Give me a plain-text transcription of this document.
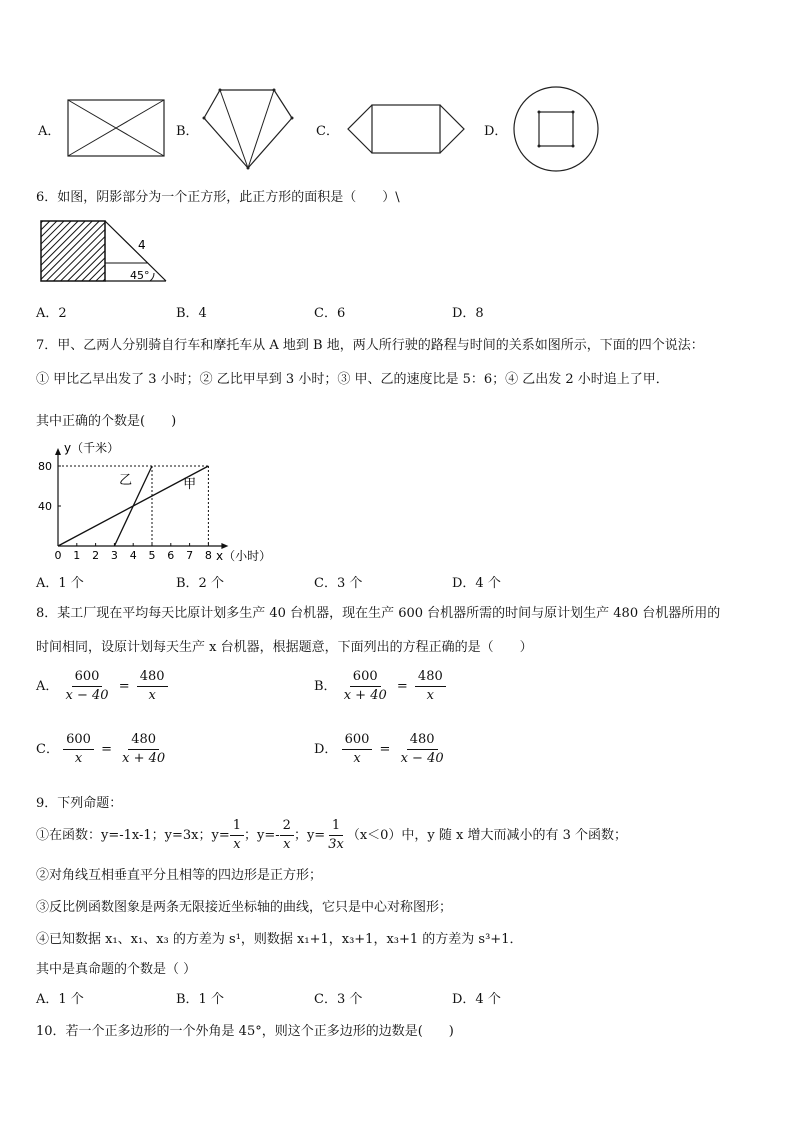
A．	B．	C．	D．
6．如图，阴影部分为一个正方形，此正方形的面积是（　　）\
4
45°
A．2	B．4	C．6	D．8
7．甲、乙两人分别骑自行车和摩托车从 A 地到 B 地，两人所行驶的路程与时间的关系如图所示，下面的四个说法：
① 甲比乙早出发了 3 小时；② 乙比甲早到 3 小时；③ 甲、乙的速度比是 5：6；④ 乙出发 2 小时追上了甲．
其中正确的个数是(　　)
y（千米）
x（小时）
0 1 2 3 4 5 6 7 8
80
40
甲
乙
A．1 个	B．2 个	C．3 个	D．4 个
8．某工厂现在平均每天比原计划多生产 40 台机器，现在生产 600 台机器所需的时间与原计划生产 480 台机器所用的
时间相同，设原计划每天生产 x 台机器，根据题意，下面列出的方程正确的是（　　）
A． $\frac{600}{x - 40} = \frac{480}{x}$	B． $\frac{600}{x + 40} = \frac{480}{x}$
C． $\frac{600}{x} = \frac{480}{x + 40}$	D． $\frac{600}{x} = \frac{480}{x - 40}$
9．下列命题：
①在函数：y=-1x-1；y=3x；$y= \frac{1}{x}$ ；$y=- \frac{2}{x}$ ；$y= \frac{1}{3x} (x<0)$中，y 随 x 增大而减小的有 3 个函数；
②对角线互相垂直平分且相等的四边形是正方形；
③反比例函数图象是两条无限接近坐标轴的曲线，它只是中心对称图形；
④已知数据 x₁、x₁、x₃ 的方差为 s¹，则数据 x₁+1，x₃+1，x₃+1 的方差为 s³+1．
其中是真命题的个数是（ ）
A．1 个	B．1 个	C．3 个	D．4 个
10．若一个正多边形的一个外角是 45°，则这个正多边形的边数是(　　)
